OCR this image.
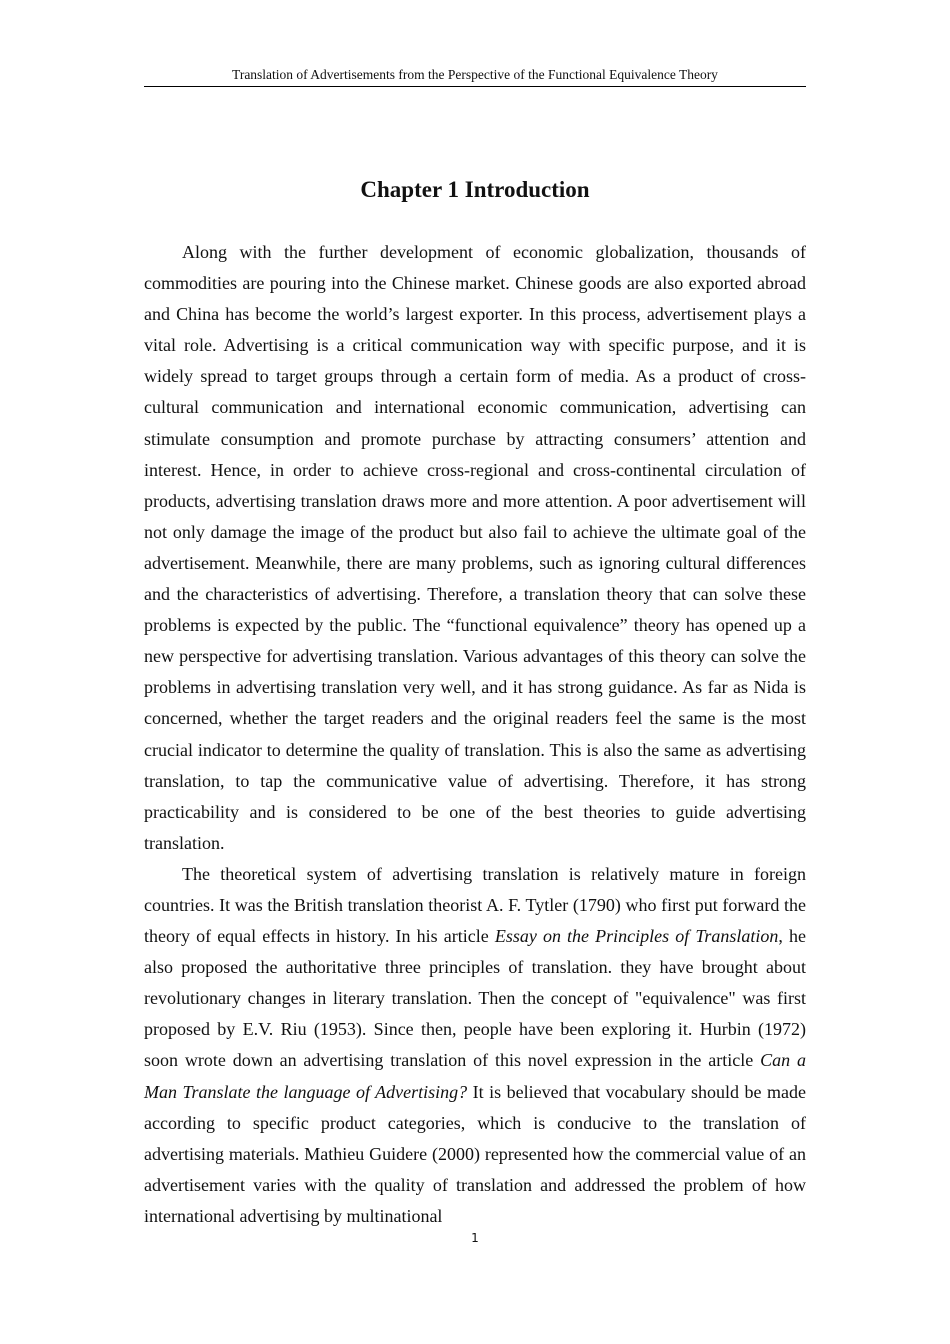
Translation of Advertisements from the Perspective of the Functional Equivalence Theory
Chapter 1 Introduction

Along with the further development of economic globalization, thousands of commodities are pouring into the Chinese market. Chinese goods are also exported abroad and China has become the world’s largest exporter. In this process, advertisement plays a vital role. Advertising is a critical communication way with specific purpose, and it is widely spread to target groups through a certain form of media. As a product of cross-cultural communication and international economic communication, advertising can stimulate consumption and promote purchase by attracting consumers’ attention and interest. Hence, in order to achieve cross-regional and cross-continental circulation of products, advertising translation draws more and more attention. A poor advertisement will not only damage the image of the product but also fail to achieve the ultimate goal of the advertisement. Meanwhile, there are many problems, such as ignoring cultural differences and the characteristics of advertising. Therefore, a translation theory that can solve these problems is expected by the public. The “functional equivalence” theory has opened up a new perspective for advertising translation. Various advantages of this theory can solve the problems in advertising translation very well, and it has strong guidance. As far as Nida is concerned, whether the target readers and the original readers feel the same is the most crucial indicator to determine the quality of translation. This is also the same as advertising translation, to tap the communicative value of advertising. Therefore, it has strong practicability and is considered to be one of the best theories to guide advertising translation.

The theoretical system of advertising translation is relatively mature in foreign countries. It was the British translation theorist A. F. Tytler (1790) who first put forward the theory of equal effects in history. In his article Essay on the Principles of Translation, he also proposed the authoritative three principles of translation. they have brought about revolutionary changes in literary translation. Then the concept of "equivalence" was first proposed by E.V. Riu (1953). Since then, people have been exploring it. Hurbin (1972) soon wrote down an advertising translation of this novel expression in the article Can a Man Translate the language of Advertising? It is believed that vocabulary should be made according to specific product categories, which is conducive to the translation of advertising materials. Mathieu Guidere (2000) represented how the commercial value of an advertisement varies with the quality of translation and addressed the problem of how international advertising by multinational

1
